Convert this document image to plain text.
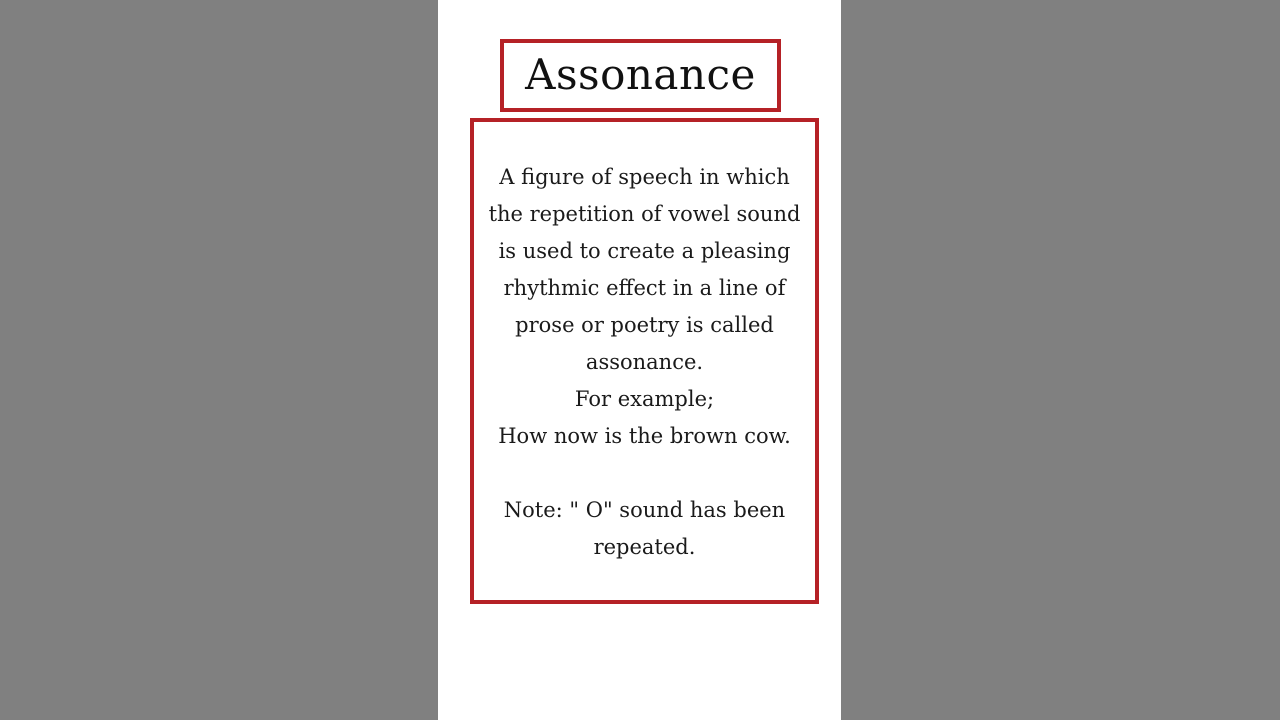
Assonance
A figure of speech in which
the repetition of vowel sound
is used to create a pleasing
rhythmic effect in a line of
prose or poetry is called
assonance.
For example;
How now is the brown cow.
Note: " O" sound has been
repeated.
